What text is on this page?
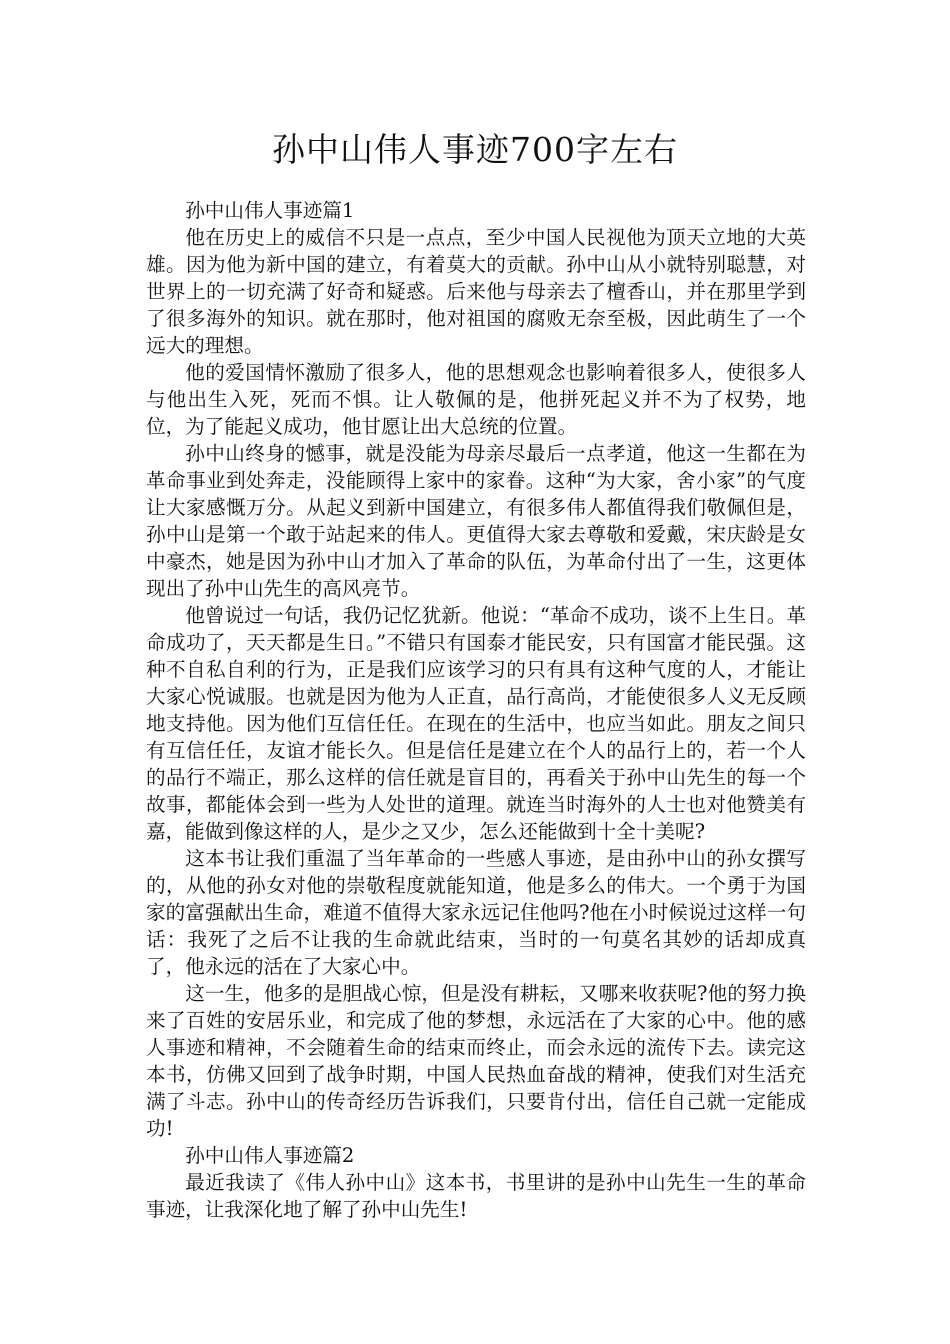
孙中山伟人事迹700字左右

孙中山伟人事迹篇1

他在历史上的威信不只是一点点，至少中国人民视他为顶天立地的大英雄。因为他为新中国的建立，有着莫大的贡献。孙中山从小就特别聪慧，对世界上的一切充满了好奇和疑惑。后来他与母亲去了檀香山，并在那里学到了很多海外的知识。就在那时，他对祖国的腐败无奈至极，因此萌生了一个远大的理想。

他的爱国情怀激励了很多人，他的思想观念也影响着很多人，使很多人与他出生入死，死而不惧。让人敬佩的是，他拼死起义并不为了权势，地位，为了能起义成功，他甘愿让出大总统的位置。

孙中山终身的憾事，就是没能为母亲尽最后一点孝道，他这一生都在为革命事业到处奔走，没能顾得上家中的家眷。这种“为大家，舍小家”的气度让大家感慨万分。从起义到新中国建立，有很多伟人都值得我们敬佩但是，孙中山是第一个敢于站起来的伟人。更值得大家去尊敬和爱戴，宋庆龄是女中豪杰，她是因为孙中山才加入了革命的队伍，为革命付出了一生，这更体现出了孙中山先生的高风亮节。

他曾说过一句话，我仍记忆犹新。他说：“革命不成功，谈不上生日。革命成功了，天天都是生日。”不错只有国泰才能民安，只有国富才能民强。这种不自私自利的行为，正是我们应该学习的只有具有这种气度的人，才能让大家心悦诚服。也就是因为他为人正直，品行高尚，才能使很多人义无反顾地支持他。因为他们互信任任。在现在的生活中，也应当如此。朋友之间只有互信任任，友谊才能长久。但是信任是建立在个人的品行上的，若一个人的品行不端正，那么这样的信任就是盲目的，再看关于孙中山先生的每一个故事，都能体会到一些为人处世的道理。就连当时海外的人士也对他赞美有嘉，能做到像这样的人，是少之又少，怎么还能做到十全十美呢?

这本书让我们重温了当年革命的一些感人事迹，是由孙中山的孙女撰写的，从他的孙女对他的崇敬程度就能知道，他是多么的伟大。一个勇于为国家的富强献出生命，难道不值得大家永远记住他吗?他在小时候说过这样一句话：我死了之后不让我的生命就此结束，当时的一句莫名其妙的话却成真了，他永远的活在了大家心中。

这一生，他多的是胆战心惊，但是没有耕耘，又哪来收获呢?他的努力换来了百姓的安居乐业，和完成了他的梦想，永远活在了大家的心中。他的感人事迹和精神，不会随着生命的结束而终止，而会永远的流传下去。读完这本书，仿佛又回到了战争时期，中国人民热血奋战的精神，使我们对生活充满了斗志。孙中山的传奇经历告诉我们，只要肯付出，信任自己就一定能成功!

孙中山伟人事迹篇2

最近我读了《伟人孙中山》这本书，书里讲的是孙中山先生一生的革命事迹，让我深化地了解了孙中山先生!
